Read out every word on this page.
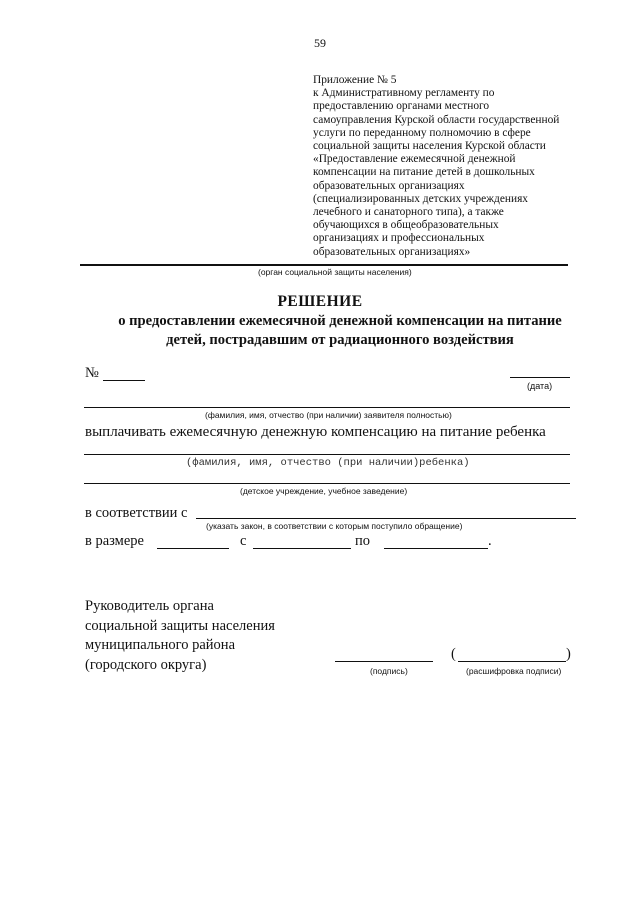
59
Приложение № 5
к Административному регламенту по
предоставлению органами местного
самоуправления Курской области государственной
услуги по переданному полномочию в сфере
социальной защиты населения Курской области
«Предоставление ежемесячной денежной
компенсации на питание детей в дошкольных
образовательных организациях
(специализированных детских учреждениях
лечебного и санаторного типа), а также
обучающихся в общеобразовательных
организациях и профессиональных
образовательных организациях»
(орган социальной защиты населения)
РЕШЕНИЕ
о предоставлении ежемесячной денежной компенсации на питание
детей, пострадавшим от радиационного воздействия
№
(дата)
(фамилия, имя, отчество (при наличии) заявителя полностью)
выплачивать ежемесячную денежную компенсацию на питание ребенка
(фамилия, имя, отчество (при наличии)ребенка)
(детское учреждение, учебное заведение)
в соответствии с
(указать закон, в соответствии с которым поступило обращение)
в размере	с	по	.
Руководитель органа
социальной защиты населения
муниципального района
(городского округа)	(подпись)
(	)
(расшифровка подписи)
